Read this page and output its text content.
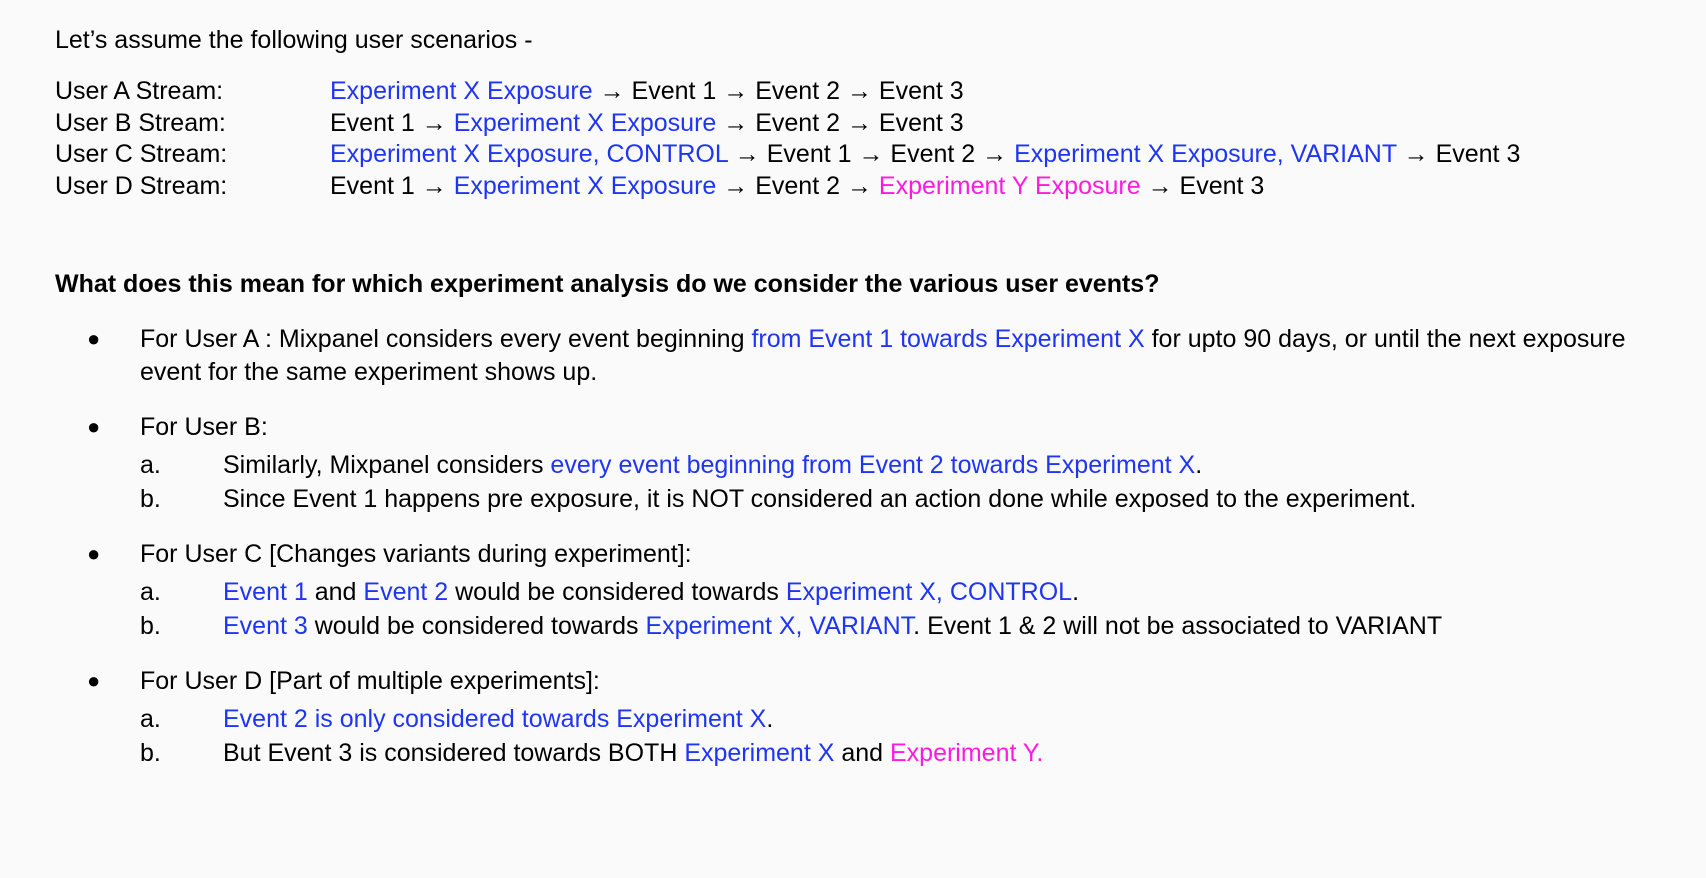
Let’s assume the following user scenarios -

User A Stream:	Experiment X Exposure → Event 1 → Event 2 → Event 3
User B Stream:	Event 1 → Experiment X Exposure → Event 2 → Event 3
User C Stream:	Experiment X Exposure, CONTROL → Event 1 → Event 2 → Experiment X Exposure, VARIANT → Event 3
User D Stream:	Event 1 → Experiment X Exposure → Event 2 → Experiment Y Exposure → Event 3

What does this mean for which experiment analysis do we consider the various user events?

● For User A : Mixpanel considers every event beginning from Event 1 towards Experiment X for upto 90 days, or until the next exposure event for the same experiment shows up.
● For User B:
a.	Similarly, Mixpanel considers every event beginning from Event 2 towards Experiment X.
b.	Since Event 1 happens pre exposure, it is NOT considered an action done while exposed to the experiment.
● For User C [Changes variants during experiment]:
a.	Event 1 and Event 2 would be considered towards Experiment X, CONTROL.
b.	Event 3 would be considered towards Experiment X, VARIANT. Event 1 & 2 will not be associated to VARIANT
● For User D [Part of multiple experiments]:
a.	Event 2 is only considered towards Experiment X.
b.	But Event 3 is considered towards BOTH Experiment X and Experiment Y.
